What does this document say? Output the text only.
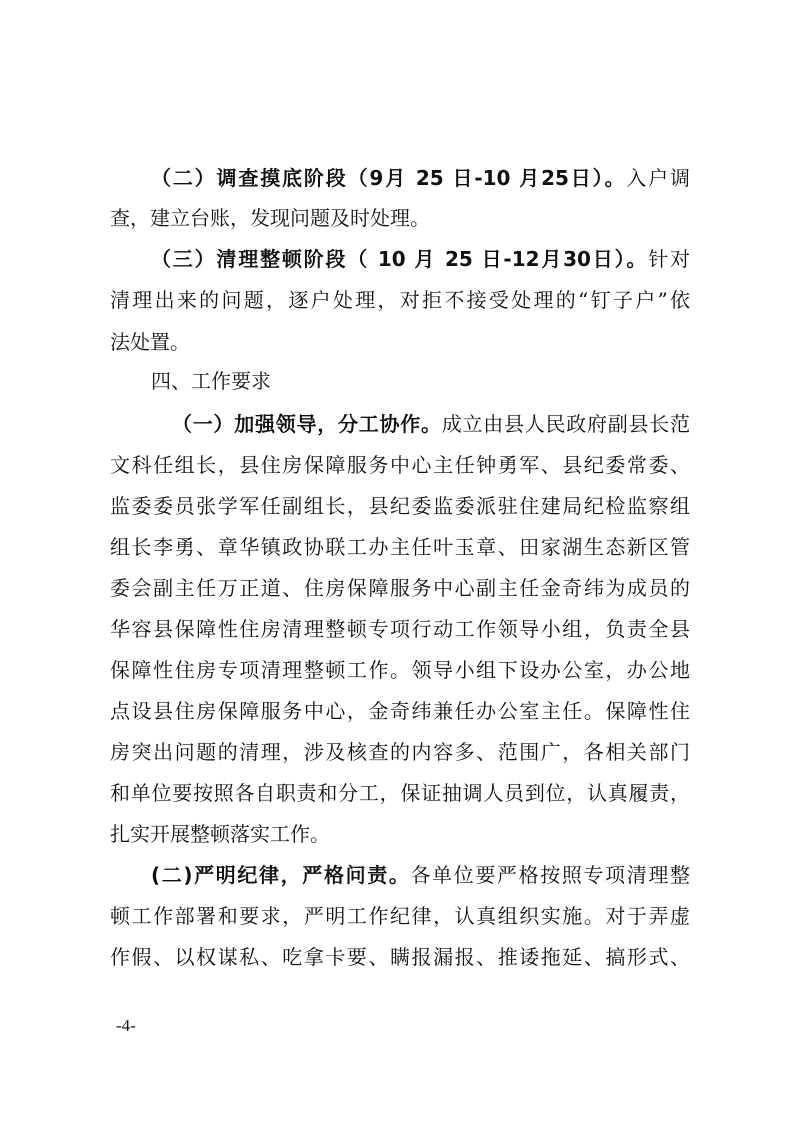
（二）调查摸底阶段（9月 25 日-10 月25日）。入户调
查，建立台账，发现问题及时处理。
（三）清理整顿阶段（ 10 月 25 日-12月30日）。针对
清理出来的问题，逐户处理，对拒不接受处理的“钉子户”依
法处置。
四、工作要求
（一）加强领导，分工协作。成立由县人民政府副县长范
文科任组长，县住房保障服务中心主任钟勇军、县纪委常委、
监委委员张学军任副组长，县纪委监委派驻住建局纪检监察组
组长李勇、章华镇政协联工办主任叶玉章、田家湖生态新区管
委会副主任万正道、住房保障服务中心副主任金奇纬为成员的
华容县保障性住房清理整顿专项行动工作领导小组，负责全县
保障性住房专项清理整顿工作。领导小组下设办公室，办公地
点设县住房保障服务中心，金奇纬兼任办公室主任。保障性住
房突出问题的清理，涉及核查的内容多、范围广，各相关部门
和单位要按照各自职责和分工，保证抽调人员到位，认真履责，
扎实开展整顿落实工作。
(二)严明纪律，严格问责。各单位要严格按照专项清理整
顿工作部署和要求，严明工作纪律，认真组织实施。对于弄虚
作假、以权谋私、吃拿卡要、瞒报漏报、推诿拖延、搞形式、
-4-
